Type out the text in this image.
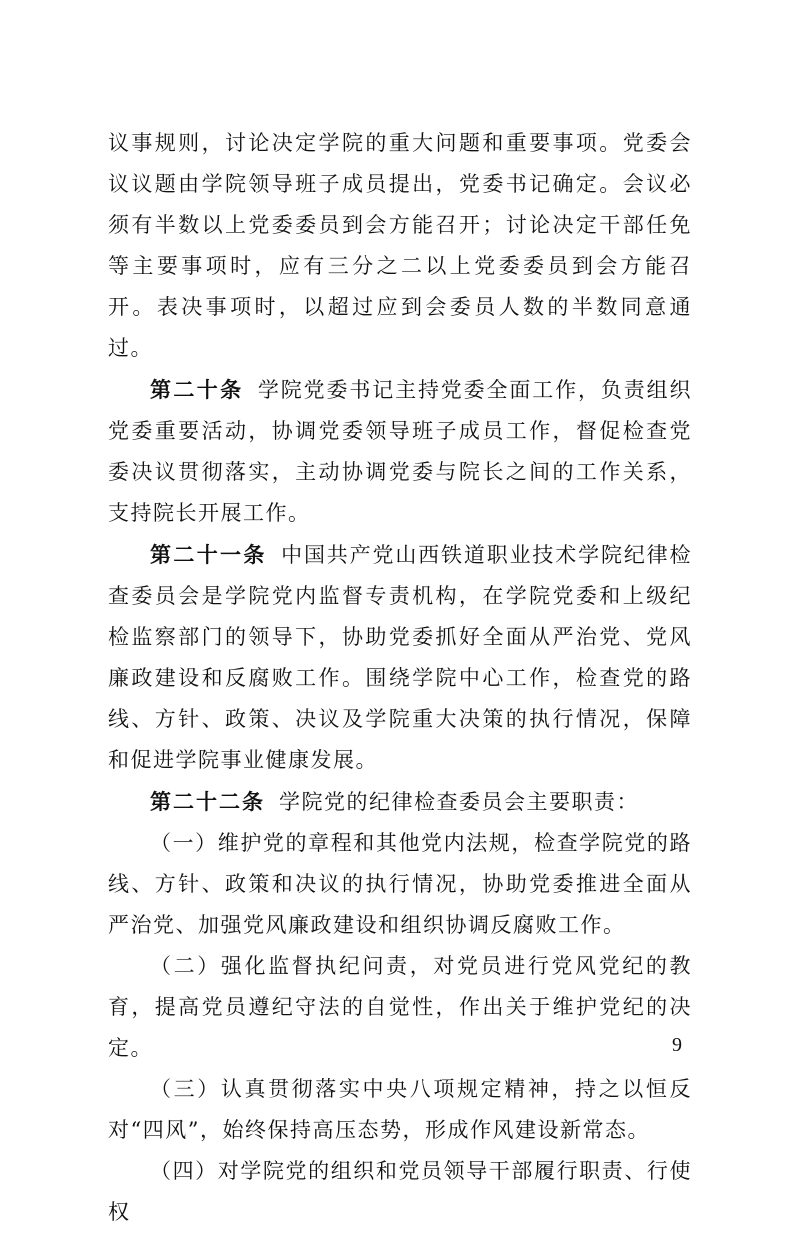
议事规则，讨论决定学院的重大问题和重要事项。党委会议议题由学院领导班子成员提出，党委书记确定。会议必须有半数以上党委委员到会方能召开；讨论决定干部任免等主要事项时，应有三分之二以上党委委员到会方能召开。表决事项时，以超过应到会委员人数的半数同意通过。

第二十条 学院党委书记主持党委全面工作，负责组织党委重要活动，协调党委领导班子成员工作，督促检查党委决议贯彻落实，主动协调党委与院长之间的工作关系，支持院长开展工作。

第二十一条 中国共产党山西铁道职业技术学院纪律检查委员会是学院党内监督专责机构，在学院党委和上级纪检监察部门的领导下，协助党委抓好全面从严治党、党风廉政建设和反腐败工作。围绕学院中心工作，检查党的路线、方针、政策、决议及学院重大决策的执行情况，保障和促进学院事业健康发展。

第二十二条 学院党的纪律检查委员会主要职责：

（一）维护党的章程和其他党内法规，检查学院党的路线、方针、政策和决议的执行情况，协助党委推进全面从严治党、加强党风廉政建设和组织协调反腐败工作。

（二）强化监督执纪问责，对党员进行党风党纪的教育，提高党员遵纪守法的自觉性，作出关于维护党纪的决定。

（三）认真贯彻落实中央八项规定精神，持之以恒反对“四风”，始终保持高压态势，形成作风建设新常态。

（四）对学院党的组织和党员领导干部履行职责、行使权

9
